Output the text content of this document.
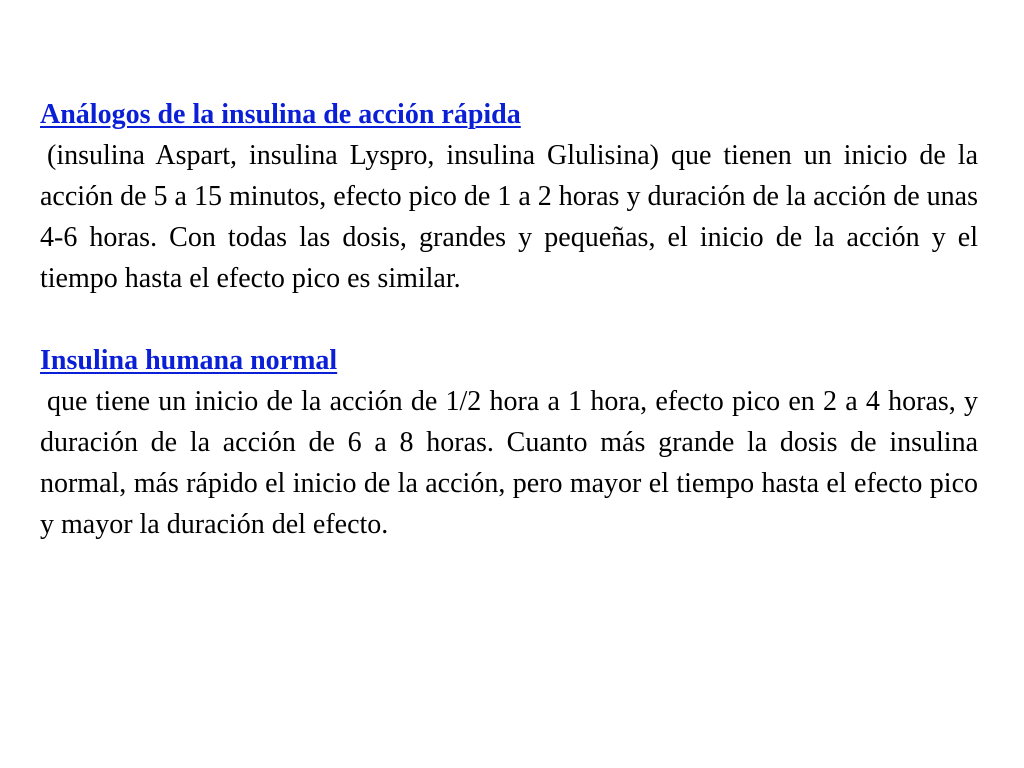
Análogos de la insulina de acción rápida

(insulina Aspart, insulina Lyspro, insulina Glulisina) que tienen un inicio de la acción de 5 a 15 minutos, efecto pico de 1 a 2 horas y duración de la acción de unas 4-6 horas. Con todas las dosis, grandes y pequeñas, el inicio de la acción y el tiempo hasta el efecto pico es similar.

Insulina humana normal

que tiene un inicio de la acción de 1/2 hora a 1 hora, efecto pico en 2 a 4 horas, y duración de la acción de 6 a 8 horas. Cuanto más grande la dosis de insulina normal, más rápido el inicio de la acción, pero mayor el tiempo hasta el efecto pico y mayor la duración del efecto.
